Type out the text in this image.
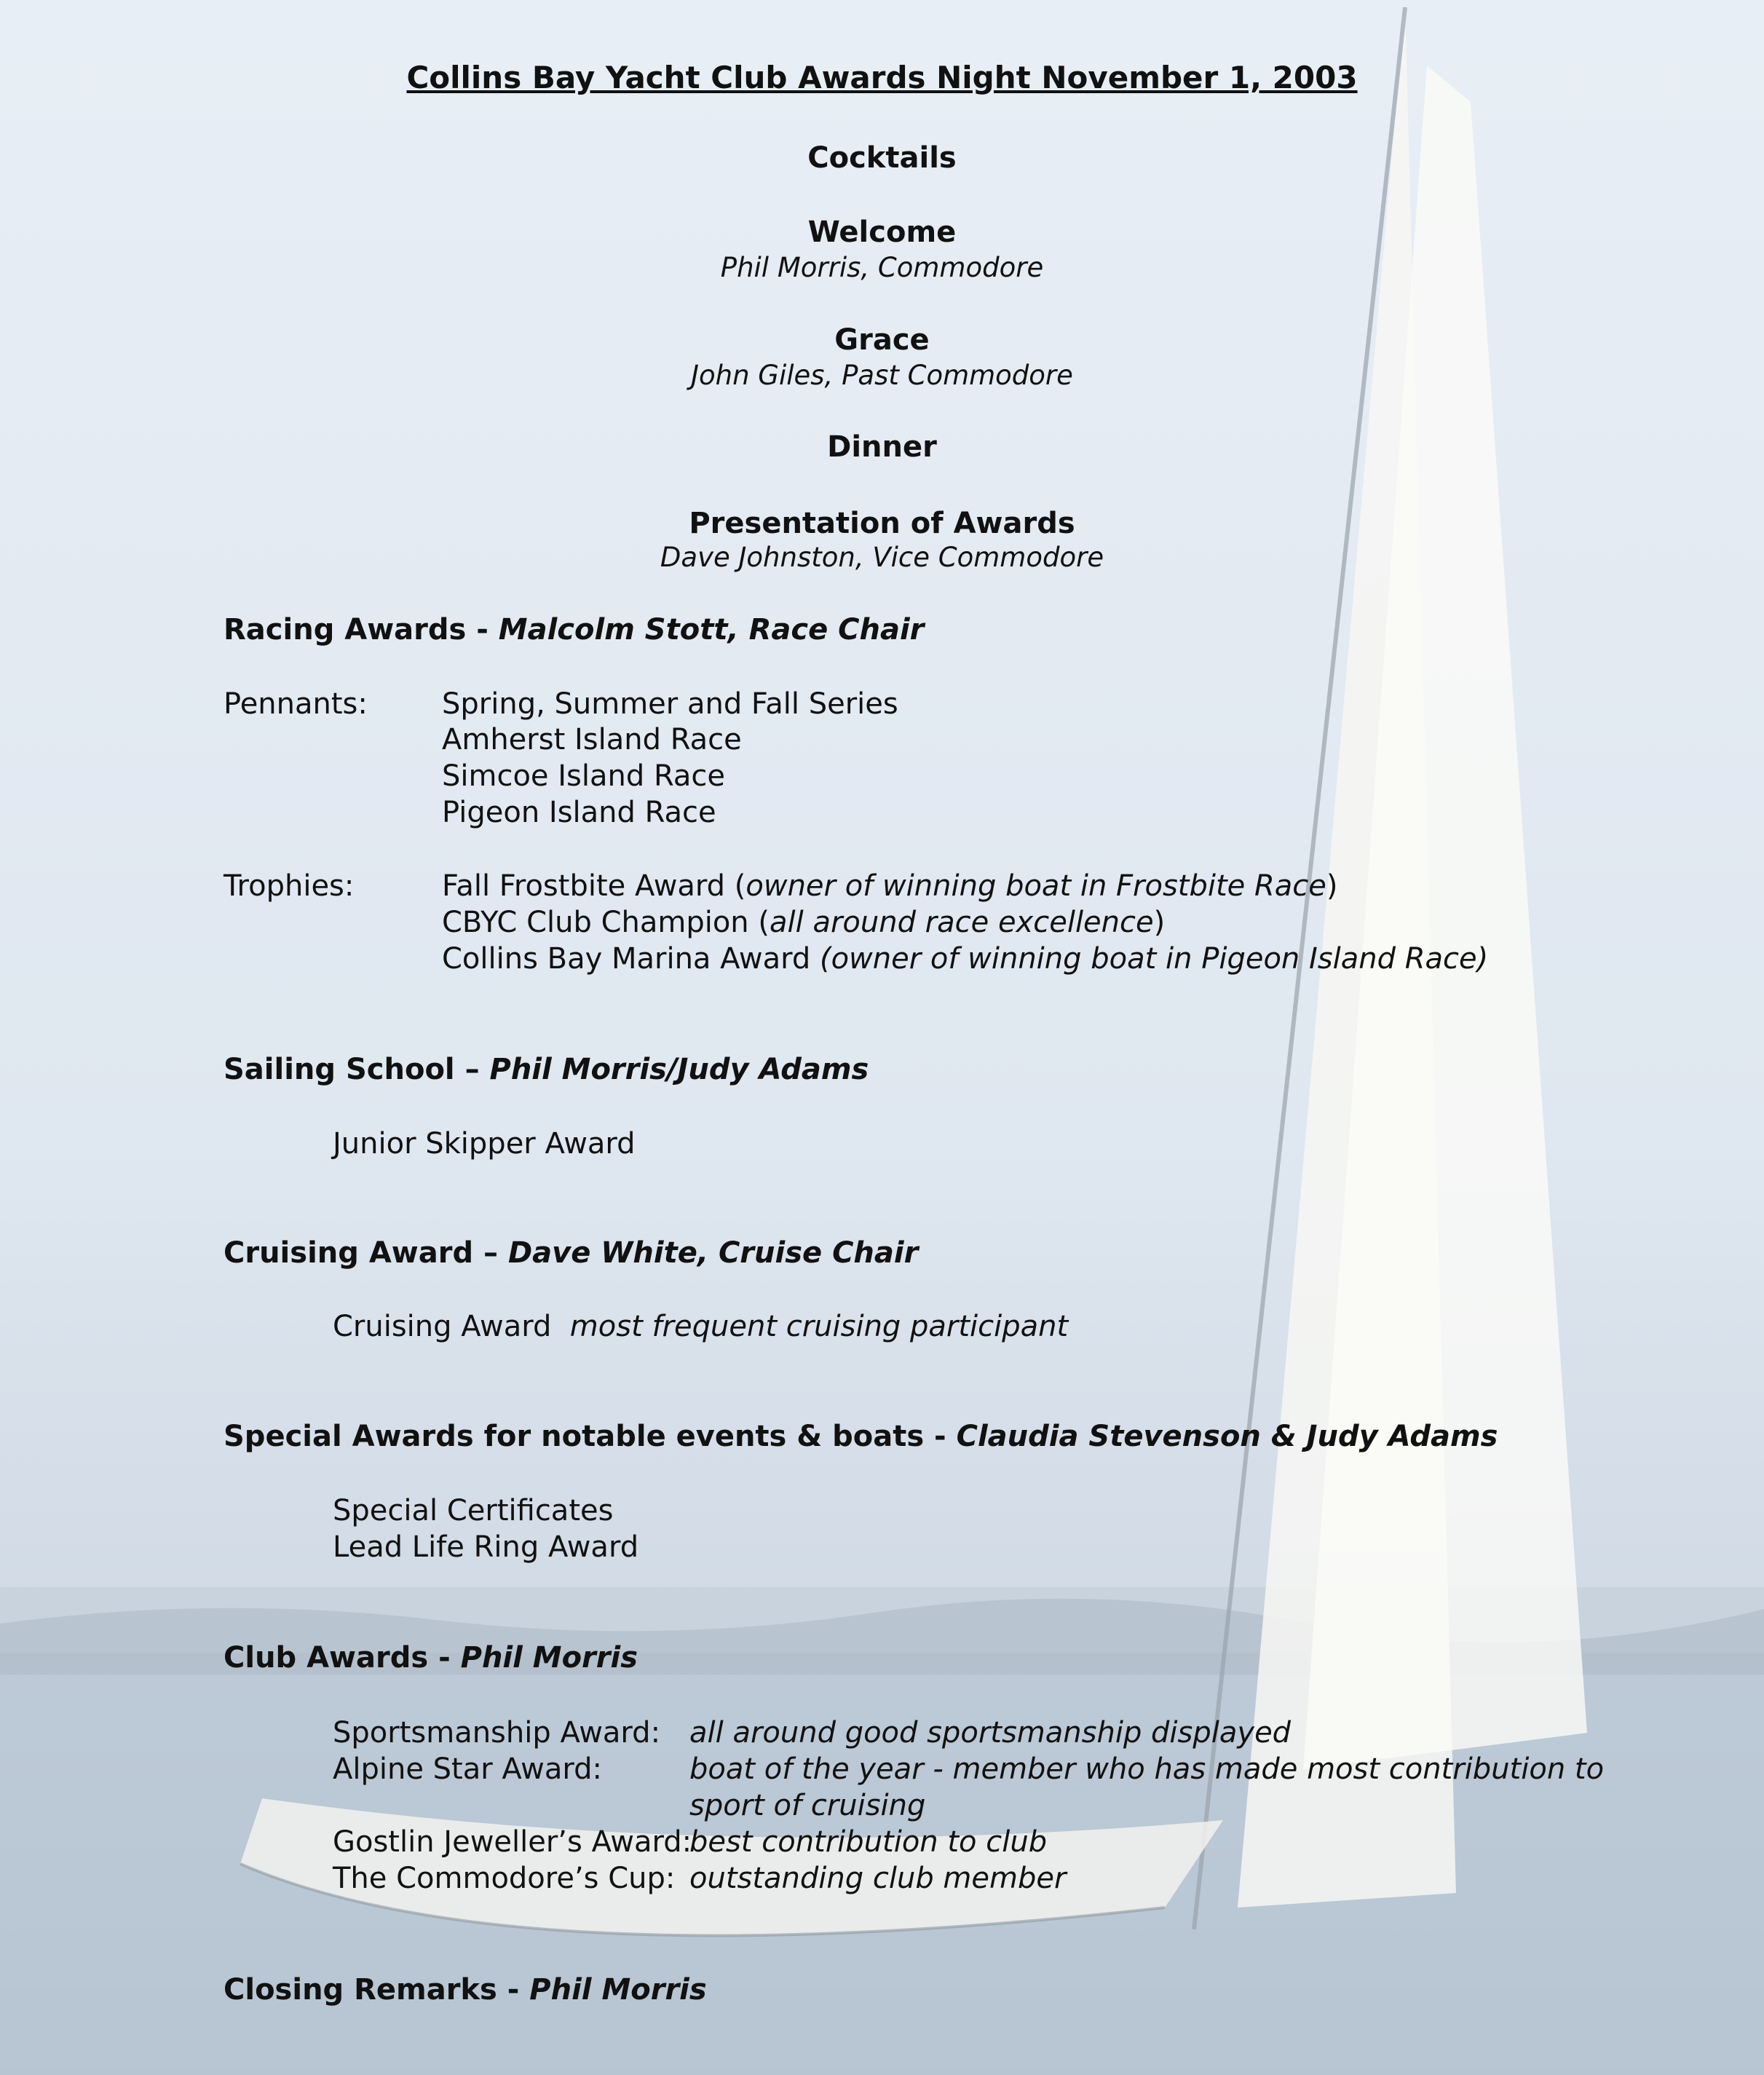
Collins Bay Yacht Club Awards Night November 1, 2003
Cocktails
Welcome
Phil Morris, Commodore
Grace
John Giles, Past Commodore
Dinner
Presentation of Awards
Dave Johnston, Vice Commodore
Racing Awards - Malcolm Stott, Race Chair
Pennants:	Spring, Summer and Fall Series
Amherst Island Race
Simcoe Island Race
Pigeon Island Race
Trophies:	Fall Frostbite Award (owner of winning boat in Frostbite Race)
CBYC Club Champion (all around race excellence)
Collins Bay Marina Award (owner of winning boat in Pigeon Island Race)
Sailing School – Phil Morris/Judy Adams
Junior Skipper Award
Cruising Award – Dave White, Cruise Chair
Cruising Award most frequent cruising participant
Special Awards for notable events & boats - Claudia Stevenson & Judy Adams
Special Certificates
Lead Life Ring Award
Club Awards - Phil Morris
Sportsmanship Award: all around good sportsmanship displayed
Alpine Star Award:	boat of the year - member who has made most contribution to
sport of cruising
Gostlin Jeweller’s Award:
best contribution to club
The Commodore’s Cup: outstanding club member
Closing Remarks - Phil Morris
